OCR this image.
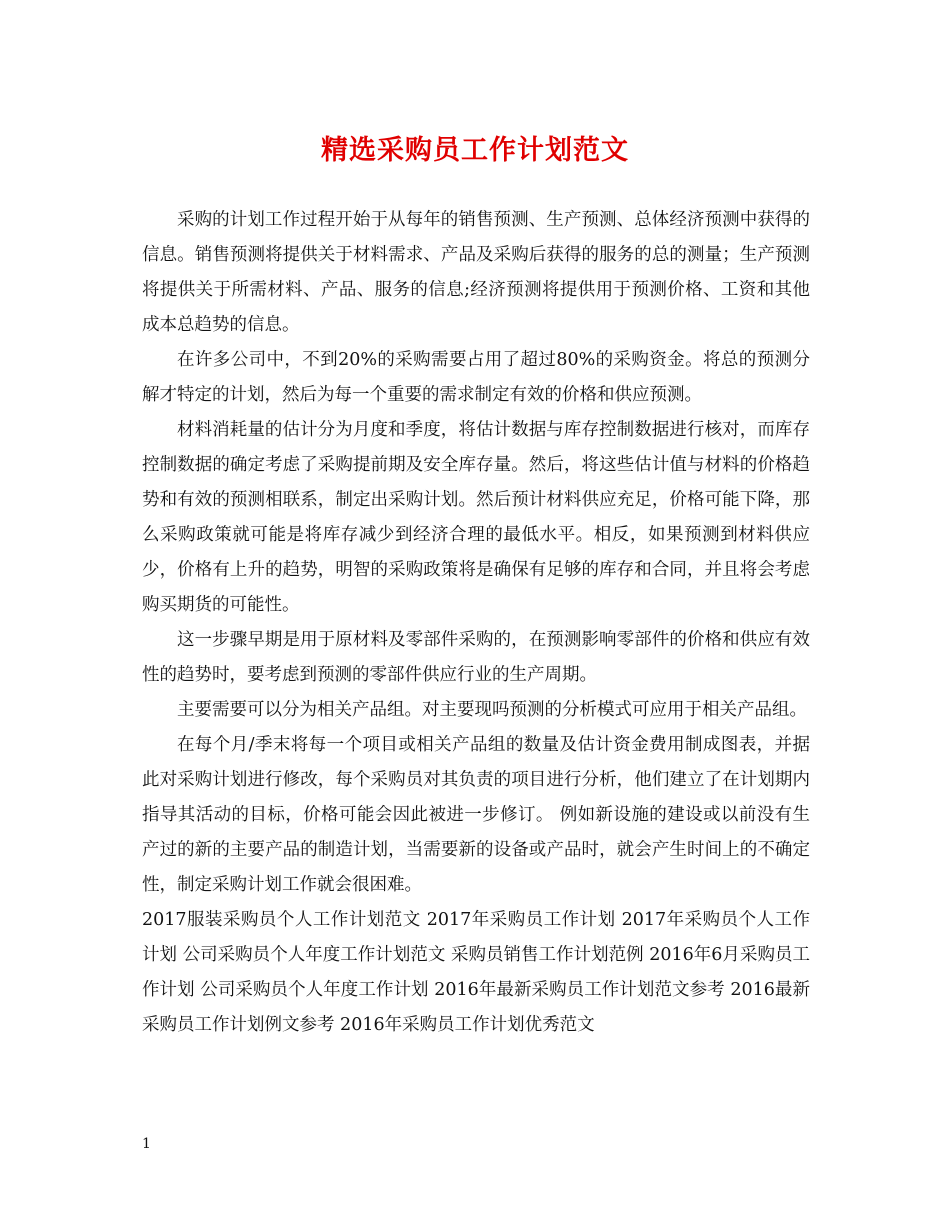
精选采购员工作计划范文

采购的计划工作过程开始于从每年的销售预测、生产预测、总体经济预测中获得的信息。销售预测将提供关于材料需求、产品及采购后获得的服务的总的测量；生产预测将提供关于所需材料、产品、服务的信息;经济预测将提供用于预测价格、工资和其他成本总趋势的信息。

在许多公司中，不到20%的采购需要占用了超过80%的采购资金。将总的预测分解才特定的计划，然后为每一个重要的需求制定有效的价格和供应预测。

材料消耗量的估计分为月度和季度，将估计数据与库存控制数据进行核对，而库存控制数据的确定考虑了采购提前期及安全库存量。然后，将这些估计值与材料的价格趋势和有效的预测相联系，制定出采购计划。然后预计材料供应充足，价格可能下降，那么采购政策就可能是将库存减少到经济合理的最低水平。相反，如果预测到材料供应少，价格有上升的趋势，明智的采购政策将是确保有足够的库存和合同，并且将会考虑购买期货的可能性。

这一步骤早期是用于原材料及零部件采购的，在预测影响零部件的价格和供应有效性的趋势时，要考虑到预测的零部件供应行业的生产周期。

主要需要可以分为相关产品组。对主要现吗预测的分析模式可应用于相关产品组。

在每个月/季末将每一个项目或相关产品组的数量及估计资金费用制成图表，并据此对采购计划进行修改，每个采购员对其负责的项目进行分析，他们建立了在计划期内指导其活动的目标，价格可能会因此被进一步修订。 例如新设施的建设或以前没有生产过的新的主要产品的制造计划，当需要新的设备或产品时，就会产生时间上的不确定性，制定采购计划工作就会很困难。

2017服装采购员个人工作计划范文 2017年采购员工作计划 2017年采购员个人工作计划 公司采购员个人年度工作计划范文 采购员销售工作计划范例 2016年6月采购员工作计划 公司采购员个人年度工作计划 2016年最新采购员工作计划范文参考 2016最新采购员工作计划例文参考 2016年采购员工作计划优秀范文

1
